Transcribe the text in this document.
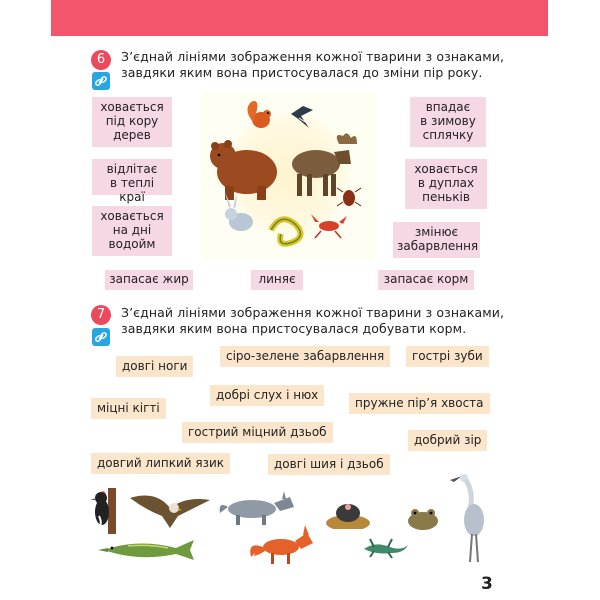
6	З’єднай лініями зображення кожної тварини з ознаками,
завдяки яким вона пристосувалася до зміни пір року.
ховається
під кору
дерев
відлітає
в теплі краї
ховається
на дні
водойм
впадає
в зимову
сплячку
ховається
в дуплах
пеньків
змінює
забарвлення
запасає жир	линяє	запасає корм
7	З’єднай лініями зображення кожної тварини з ознаками,
завдяки яким вона пристосувалася добувати корм.
довгі ноги
сіро-зелене забарвлення	гострі зуби
добрі слух і нюх
міцні кігті	пружне пір’я хвоста
гострий міцний дзьоб
добрий зір
довгий липкий язик	довгі шия і дзьоб
3
